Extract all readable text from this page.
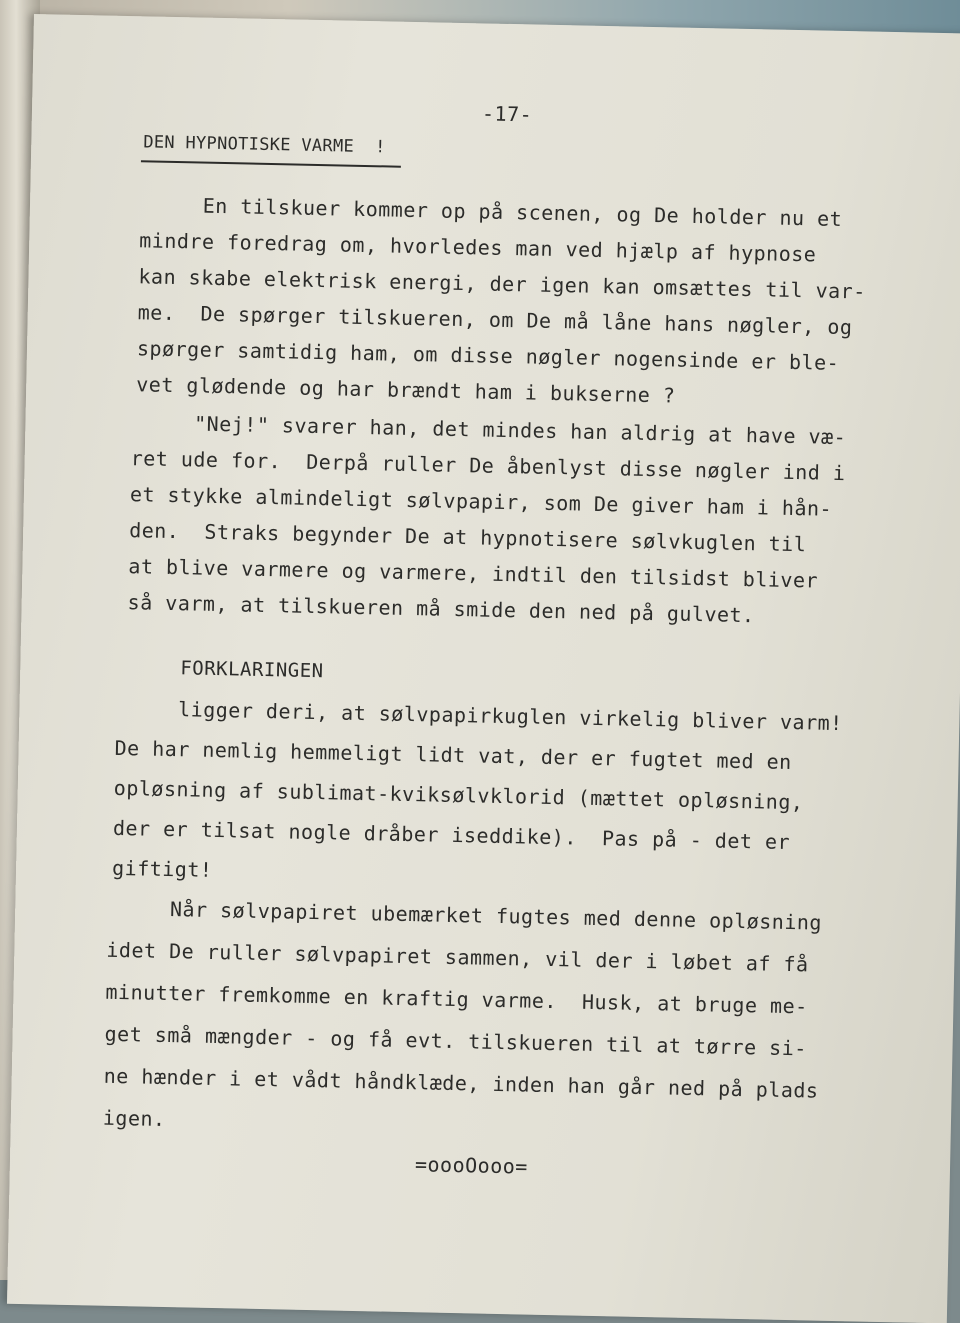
-17-
DEN HYPNOTISKE VARME  !
En tilskuer kommer op på scenen, og De holder nu et
mindre foredrag om, hvorledes man ved hjælp af hypnose
kan skabe elektrisk energi, der igen kan omsættes til var-
me.  De spørger tilskueren, om De må låne hans nøgler, og
spørger samtidig ham, om disse nøgler nogensinde er ble-
vet glødende og har brændt ham i bukserne ?
"Nej!" svarer han, det mindes han aldrig at have væ-
ret ude for.  Derpå ruller De åbenlyst disse nøgler ind i
et stykke almindeligt sølvpapir, som De giver ham i hån-
den.  Straks begynder De at hypnotisere sølvkuglen til
at blive varmere og varmere, indtil den tilsidst bliver
så varm, at tilskueren må smide den ned på gulvet.
FORKLARINGEN
ligger deri, at sølvpapirkuglen virkelig bliver varm!
De har nemlig hemmeligt lidt vat, der er fugtet med en
opløsning af sublimat-kviksølvklorid (mættet opløsning,
der er tilsat nogle dråber iseddike).  Pas på - det er
giftigt!
Når sølvpapiret ubemærket fugtes med denne opløsning
idet De ruller sølvpapiret sammen, vil der i løbet af få
minutter fremkomme en kraftig varme.  Husk, at bruge me-
get små mængder - og få evt. tilskueren til at tørre si-
ne hænder i et vådt håndklæde, inden han går ned på plads
igen.
=oooOooo=
